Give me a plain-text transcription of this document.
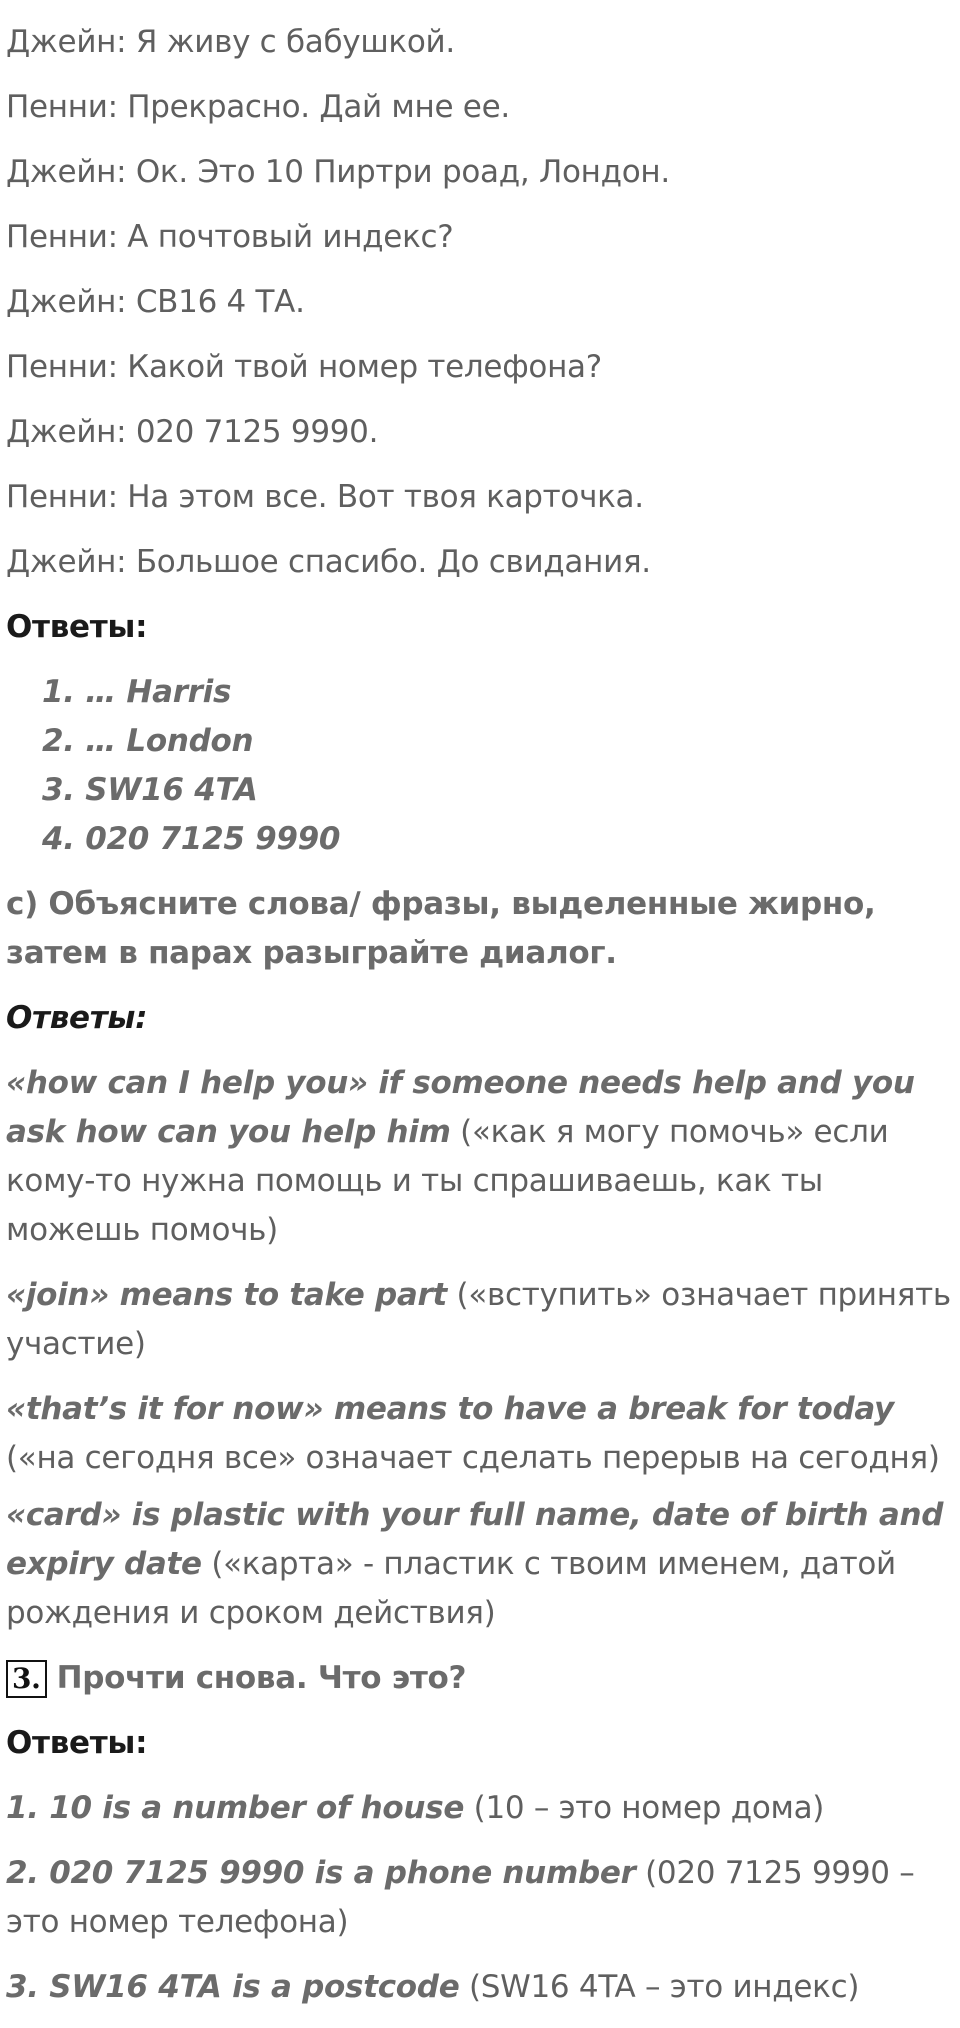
Джейн: Я живу с бабушкой.

Пенни: Прекрасно. Дай мне ее.

Джейн: Ок. Это 10 Пиртри роад, Лондон.

Пенни: А почтовый индекс?

Джейн: СВ16 4 ТА.

Пенни: Какой твой номер телефона?

Джейн: 020 7125 9990.

Пенни: На этом все. Вот твоя карточка.

Джейн: Большое спасибо. До свидания.

Ответы:

1. … Harris
2. … London
3. SW16 4TA
4. 020 7125 9990

c) Объясните слова/ фразы, выделенные жирно, затем в парах разыграйте диалог.

Ответы:

«how can I help you» if someone needs help and you ask how can you help him («как я могу помочь» если кому-то нужна помощь и ты спрашиваешь, как ты можешь помочь)

«join» means to take part («вступить» означает принять участие)

«that’s it for now» means to have a break for today («на сегодня все» означает сделать перерыв на сегодня)

«card» is plastic with your full name, date of birth and expiry date («карта» - пластик с твоим именем, датой рождения и сроком действия)

3. Прочти снова. Что это?

Ответы:

1. 10 is a number of house (10 – это номер дома)

2. 020 7125 9990 is a phone number (020 7125 9990 – это номер телефона)

3. SW16 4TA is a postcode (SW16 4TA – это индекс)
